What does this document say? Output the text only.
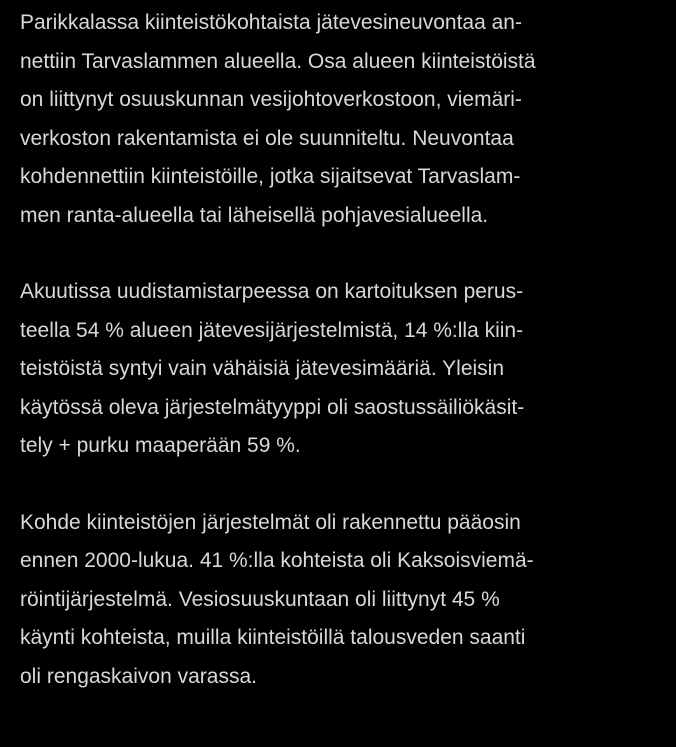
Parikkalassa kiinteistökohtaista jätevesineuvontaa an-
nettiin Tarvaslammen alueella. Osa alueen kiinteistöistä
on liittynyt osuuskunnan vesijohtoverkostoon, viemäri-
verkoston rakentamista ei ole suunniteltu. Neuvontaa
kohdennettiin kiinteistöille, jotka sijaitsevat Tarvaslam-
men ranta-alueella tai läheisellä pohjavesialueella.

Akuutissa uudistamistarpeessa on kartoituksen perus-
teella 54 % alueen jätevesijärjestelmistä, 14 %:lla kiin-
teistöistä syntyi vain vähäisiä jätevesimääriä. Yleisin
käytössä oleva järjestelmätyyppi oli saostussäiliökäsit-
tely + purku maaperään 59 %.

Kohde kiinteistöjen järjestelmät oli rakennettu pääosin
ennen 2000-lukua. 41 %:lla kohteista oli Kaksoisviemä-
röintijärjestelmä. Vesiosuuskuntaan oli liittynyt 45 %
käynti kohteista, muilla kiinteistöillä talousveden saanti
oli rengaskaivon varassa.
